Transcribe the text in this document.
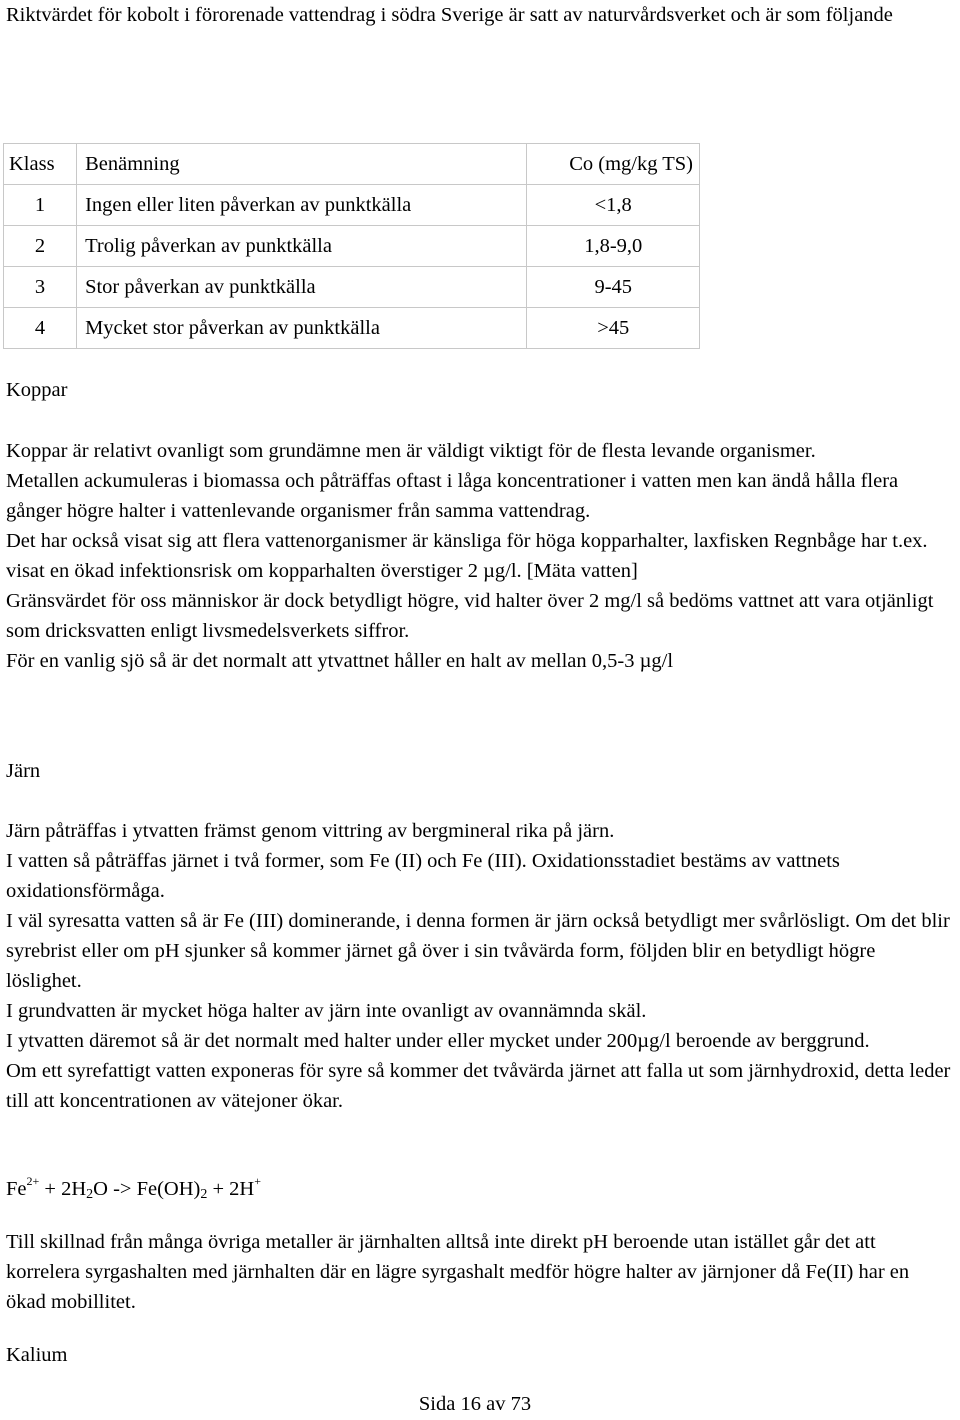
Riktvärdet för kobolt i förorenade vattendrag i södra Sverige är satt av naturvårdsverket och är som följande
Klass	Benämning	Co (mg/kg TS)
1	Ingen eller liten påverkan av punktkälla	<1,8
2	Trolig påverkan av punktkälla	1,8-9,0
3	Stor påverkan av punktkälla	9-45
4	Mycket stor påverkan av punktkälla	>45
Koppar

Koppar är relativt ovanligt som grundämne men är väldigt viktigt för de flesta levande organismer.

Metallen ackumuleras i biomassa och påträffas oftast i låga koncentrationer i vatten men kan ändå hålla flera gånger högre halter i vattenlevande organismer från samma vattendrag.

Det har också visat sig att flera vattenorganismer är känsliga för höga kopparhalter, laxfisken Regnbåge har t.ex. visat en ökad infektionsrisk om kopparhalten överstiger 2 µg/l. [Mäta vatten]

Gränsvärdet för oss människor är dock betydligt högre, vid halter över 2 mg/l så bedöms vattnet att vara otjänligt som dricksvatten enligt livsmedelsverkets siffror.

För en vanlig sjö så är det normalt att ytvattnet håller en halt av mellan 0,5-3 µg/l

Järn

Järn påträffas i ytvatten främst genom vittring av bergmineral rika på järn.

I vatten så påträffas järnet i två former, som Fe (II) och Fe (III). Oxidationsstadiet bestäms av vattnets oxidationsförmåga.

I väl syresatta vatten så är Fe (III) dominerande, i denna formen är järn också betydligt mer svårlösligt. Om det blir syrebrist eller om pH sjunker så kommer järnet gå över i sin tvåvärda form, följden blir en betydligt högre löslighet.

I grundvatten är mycket höga halter av järn inte ovanligt av ovannämnda skäl.

I ytvatten däremot så är det normalt med halter under eller mycket under 200µg/l beroende av berggrund.

Om ett syrefattigt vatten exponeras för syre så kommer det tvåvärda järnet att falla ut som järnhydroxid, detta leder till att koncentrationen av vätejoner ökar.

$Fe^{2+} + 2H_2O -> Fe(OH)_2 + 2H^+$
Till skillnad från många övriga metaller är järnhalten alltså inte direkt pH beroende utan istället går det att korrelera syrgashalten med järnhalten där en lägre syrgashalt medför högre halter av järnjoner då Fe(II) har en ökad mobillitet.
Kalium
Sida 16 av 73
